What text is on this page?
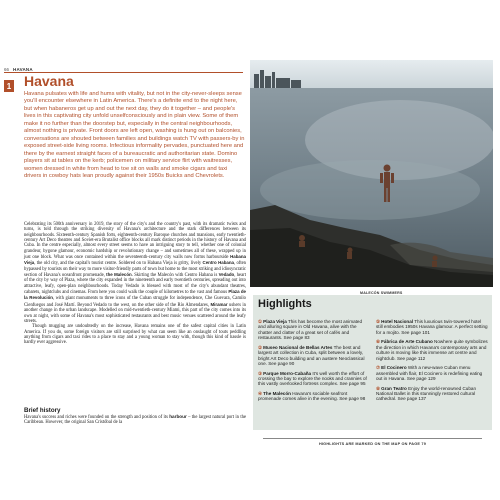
66 HAVANA
1 Havana

Havana pulsates with life and hums with vitality, but not in the city-never-sleeps sense you'll encounter elsewhere in Latin America. There's a definite end to the night here, but when habaneros get up and out the next day, they do it together – and people's lives in this captivating city unfold unselfconsciously and in plain view. Some of them make it no further than the doorstep but, especially in the central neighbourhoods, almost nothing is private. Front doors are left open, washing is hung out on balconies, conversations are shouted between families and buildings watch TV with passers-by in exposed street-side living rooms. Infectious informality pervades, punctuated here and there by the earnest straight faces of a bureaucratic and authoritarian state. Domino players sit at tables on the kerb; policemen on military service flirt with waitresses, women dressed in white from head to toe sit on walls and smoke cigars and taxi drivers in cowboy hats lean proudly against their 1950s Buicks and Chevrolets.

Celebrating its 500th anniversary in 2019, the story of the city's and the country's past, with its dramatic twists and turns, is told through the striking diversity of Havana's architecture and the stark differences between its neighbourhoods. Sixteenth-century Spanish forts, eighteenth-century Baroque churches and mansions, early twentieth-century Art Deco theatres and Soviet-era Brutalist office blocks all mark distinct periods in the history of Havana and Cuba. In the centre especially, almost every street seems to have an intriguing story to tell, whether one of colonial grandeur, bygone glamour, economic hardship or revolutionary change – and sometimes all of these, wrapped up in just one block. What was once contained within the seventeenth-century city walls now forms harbourside Habana Vieja, the old city, and the capital's tourist centre. Soldered on to Habana Vieja is gritty, lively Centro Habana, often bypassed by tourists on their way to more visitor-friendly parts of town but home to the most striking and idiosyncratic section of Havana's oceanfront promenade, the Malecón. Skirting the Malecón with Centro Habana is Vedado, heart of the city by way of Plaza, where the city expanded in the nineteenth and early twentieth centuries, spreading out into attractive, leafy, open-plan neighbourhoods. Today Vedado is blessed with most of the city's abundant theatres, cabarets, nightclubs and cinemas. From here you could walk the couple of kilometres to the vast and famous Plaza de la Revolución, with giant monuments to three icons of the Cuban struggle for independence, Che Guevara, Camilo Cienfuegos and José Martí. Beyond Vedado to the west, on the other side of the Río Almendares, Miramar ushers in another change in the urban landscape. Modelled on mid-twentieth-century Miami, this part of the city comes into its own at night, with some of Havana's most sophisticated restaurants and best music venues scattered around the leafy streets.

Though mugging are undoubtedly on the increase, Havana remains one of the safest capital cities in Latin America. If you do, some foreign visitors are still surprised by what can seem like an onslaught of touts peddling anything from cigars and taxi rides to a place to stay and a young woman to stay with, though this kind of hassle is hardly ever aggressive.

Brief history

Havana's success and riches were founded on the strength and position of its harbour – the largest natural port in the Caribbean. However, the original San Cristóbal de la

MALECÓN SWIMMERS
Highlights
①Plaza Vieja This has become the most animated and alluring square in Old Havana, alive with the chatter and clatter of a great set of cafés and restaurants. See page 83
②Museo Nacional de Bellas Artes The best and largest art collection in Cuba, split between a lovely, bright Art Deco building and an austere Neoclassical one. See page 90
③Parque Morro-Cabaña It's well worth the effort of crossing the bay to explore the nooks and crannies of this vastly overlooked fortress complex. See page 95
④The Malecón Havana's sociable seafront promenade comes alive in the evening. See page 98
⑤Hotel Nacional This luxurious twin-towered hotel still embodies 1950s Havana glamour. A perfect setting for a mojito. See page 101
⑥Fábrica de Arte Cubano Nowhere quite symbolizes the direction in which Havana's contemporary arts and culture is moving like this immense art centre and nightclub. See page 112
⑦El Cocinero With a new-wave Cuban menu assembled with flair, El Cocinero is redefining eating out in Havana. See page 129
⑧Gran Teatro Enjoy the world-renowned Cuban National Ballet in this stunningly restored cultural cathedral. See page 137
HIGHLIGHTS ARE MARKED ON THE MAP ON PAGE 79
